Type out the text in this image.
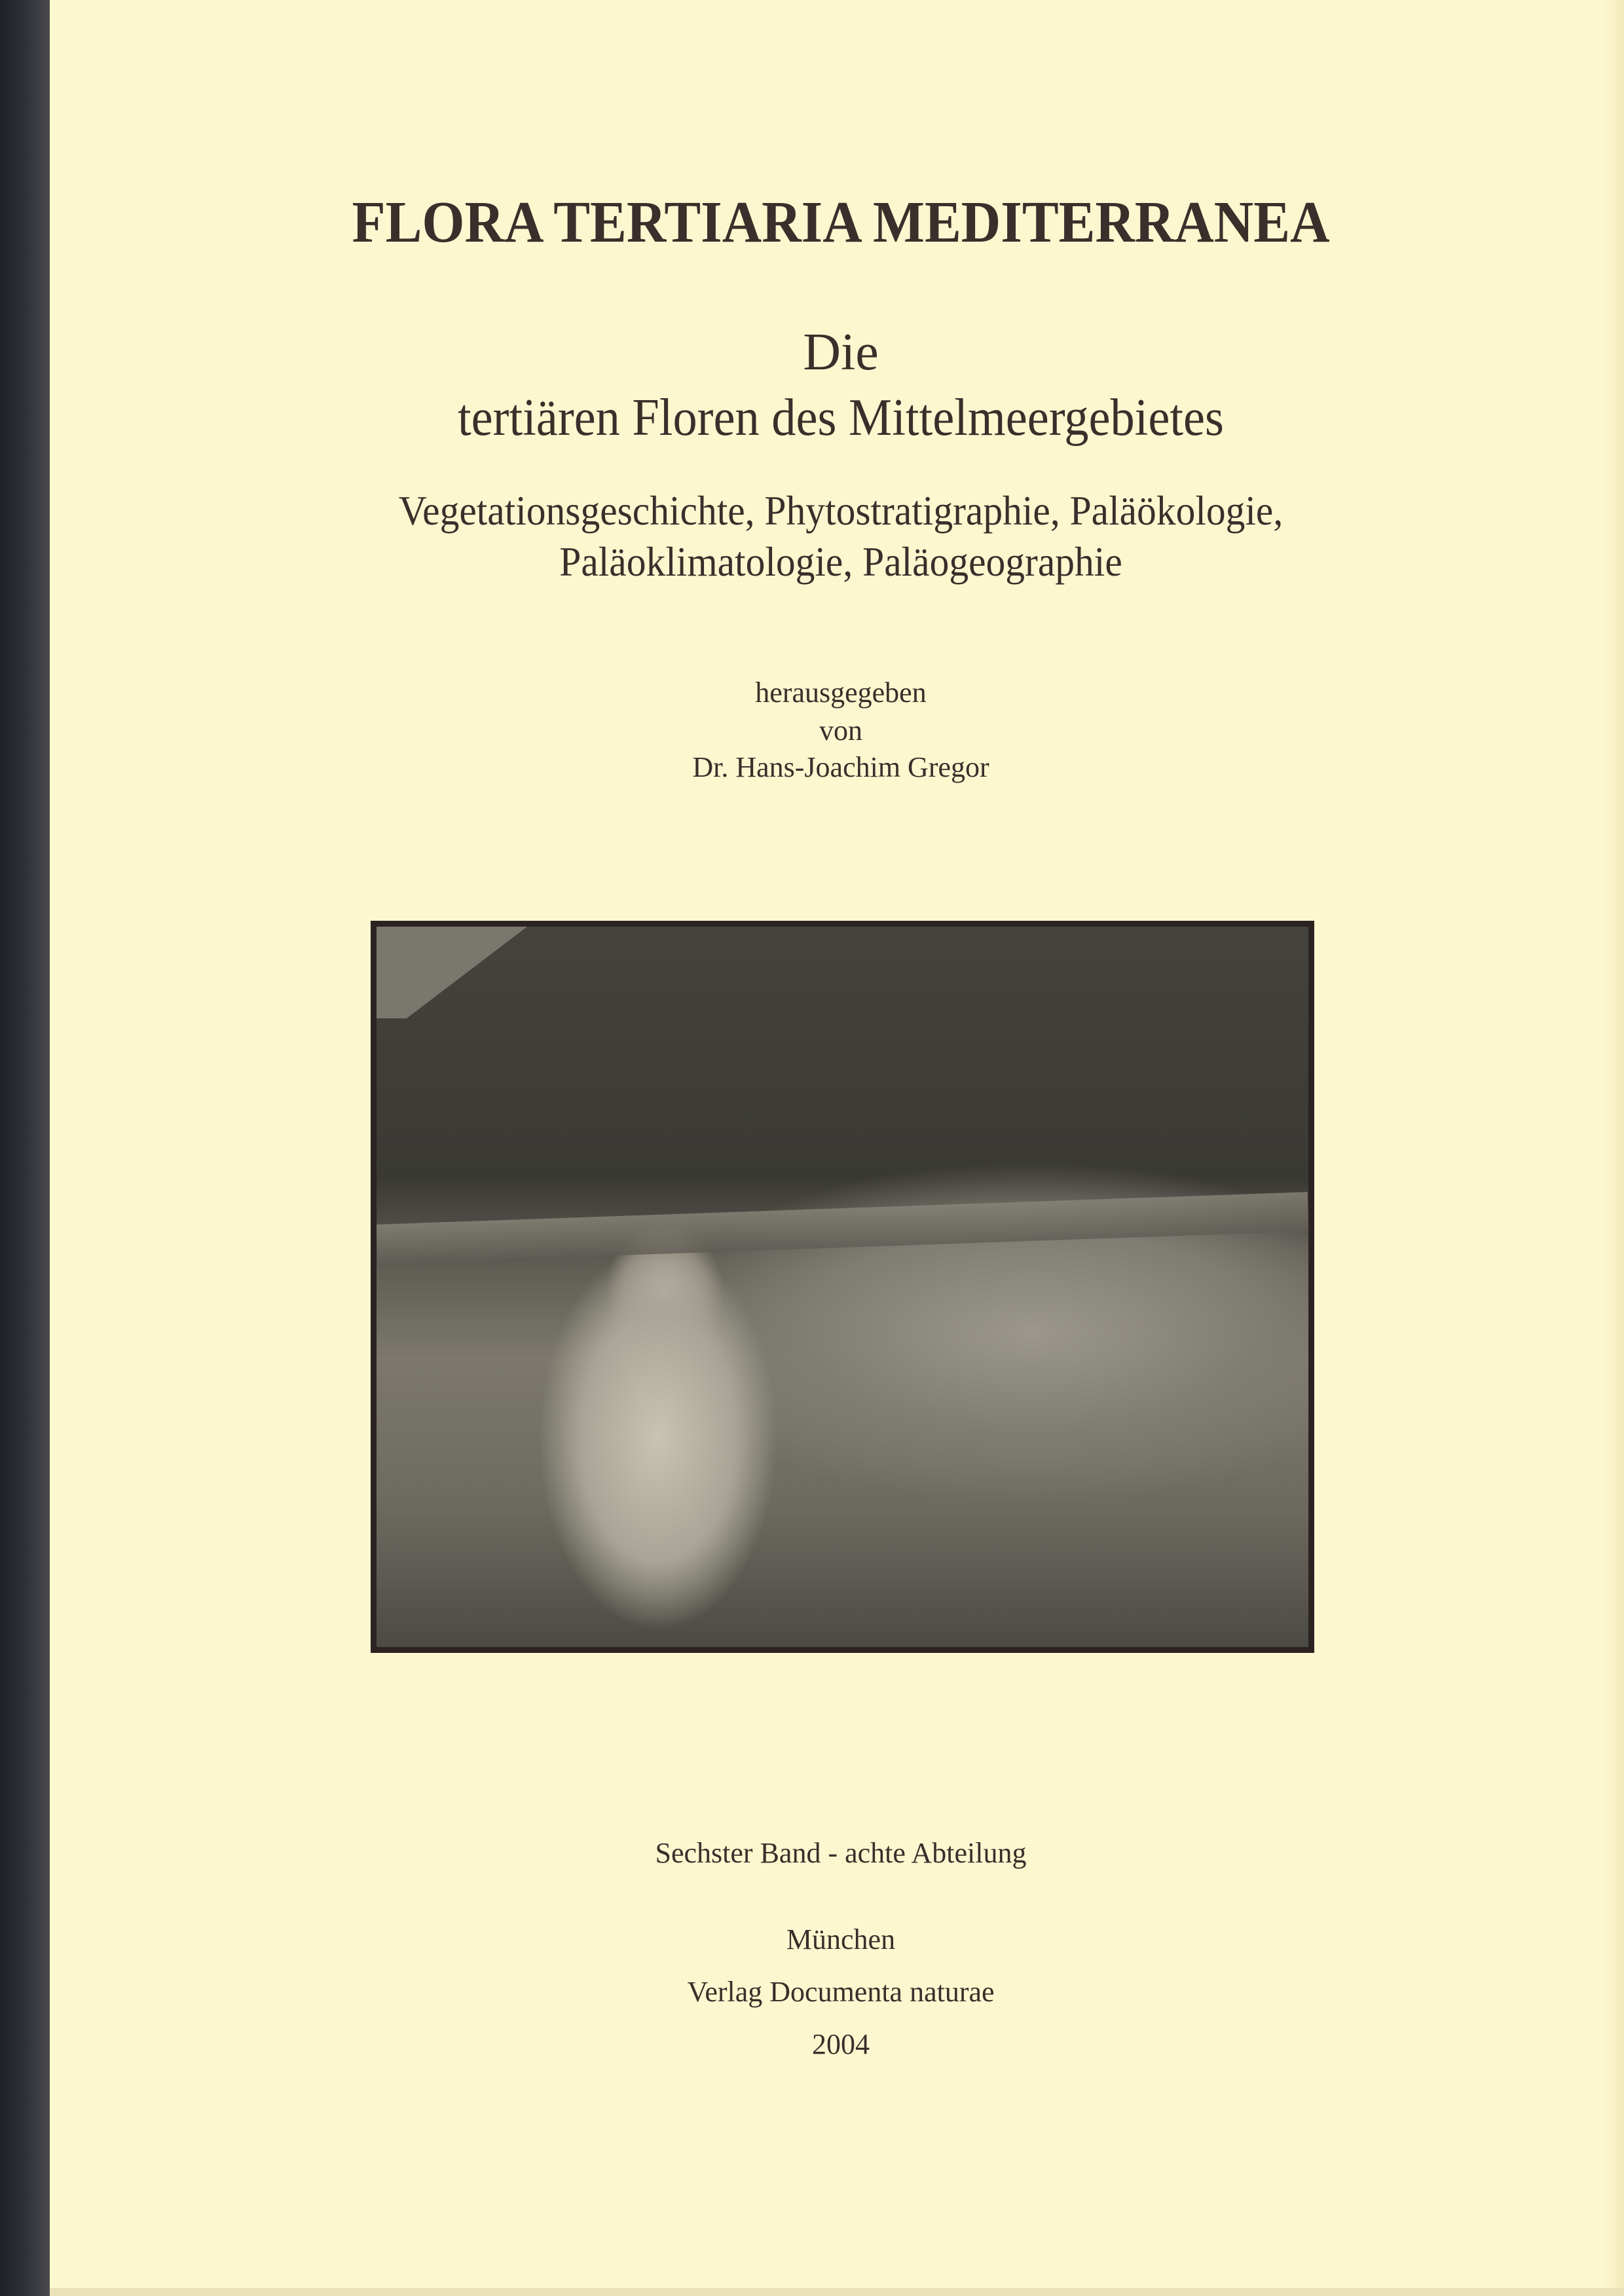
FLORA TERTIARIA MEDITERRANEA
Die
tertiären Floren des Mittelmeergebietes
Vegetationsgeschichte, Phytostratigraphie, Paläökologie,
Paläoklimatologie, Paläogeographie
herausgegeben
von
Dr. Hans-Joachim Gregor
Sechster Band - achte Abteilung
München
Verlag Documenta naturae
2004
